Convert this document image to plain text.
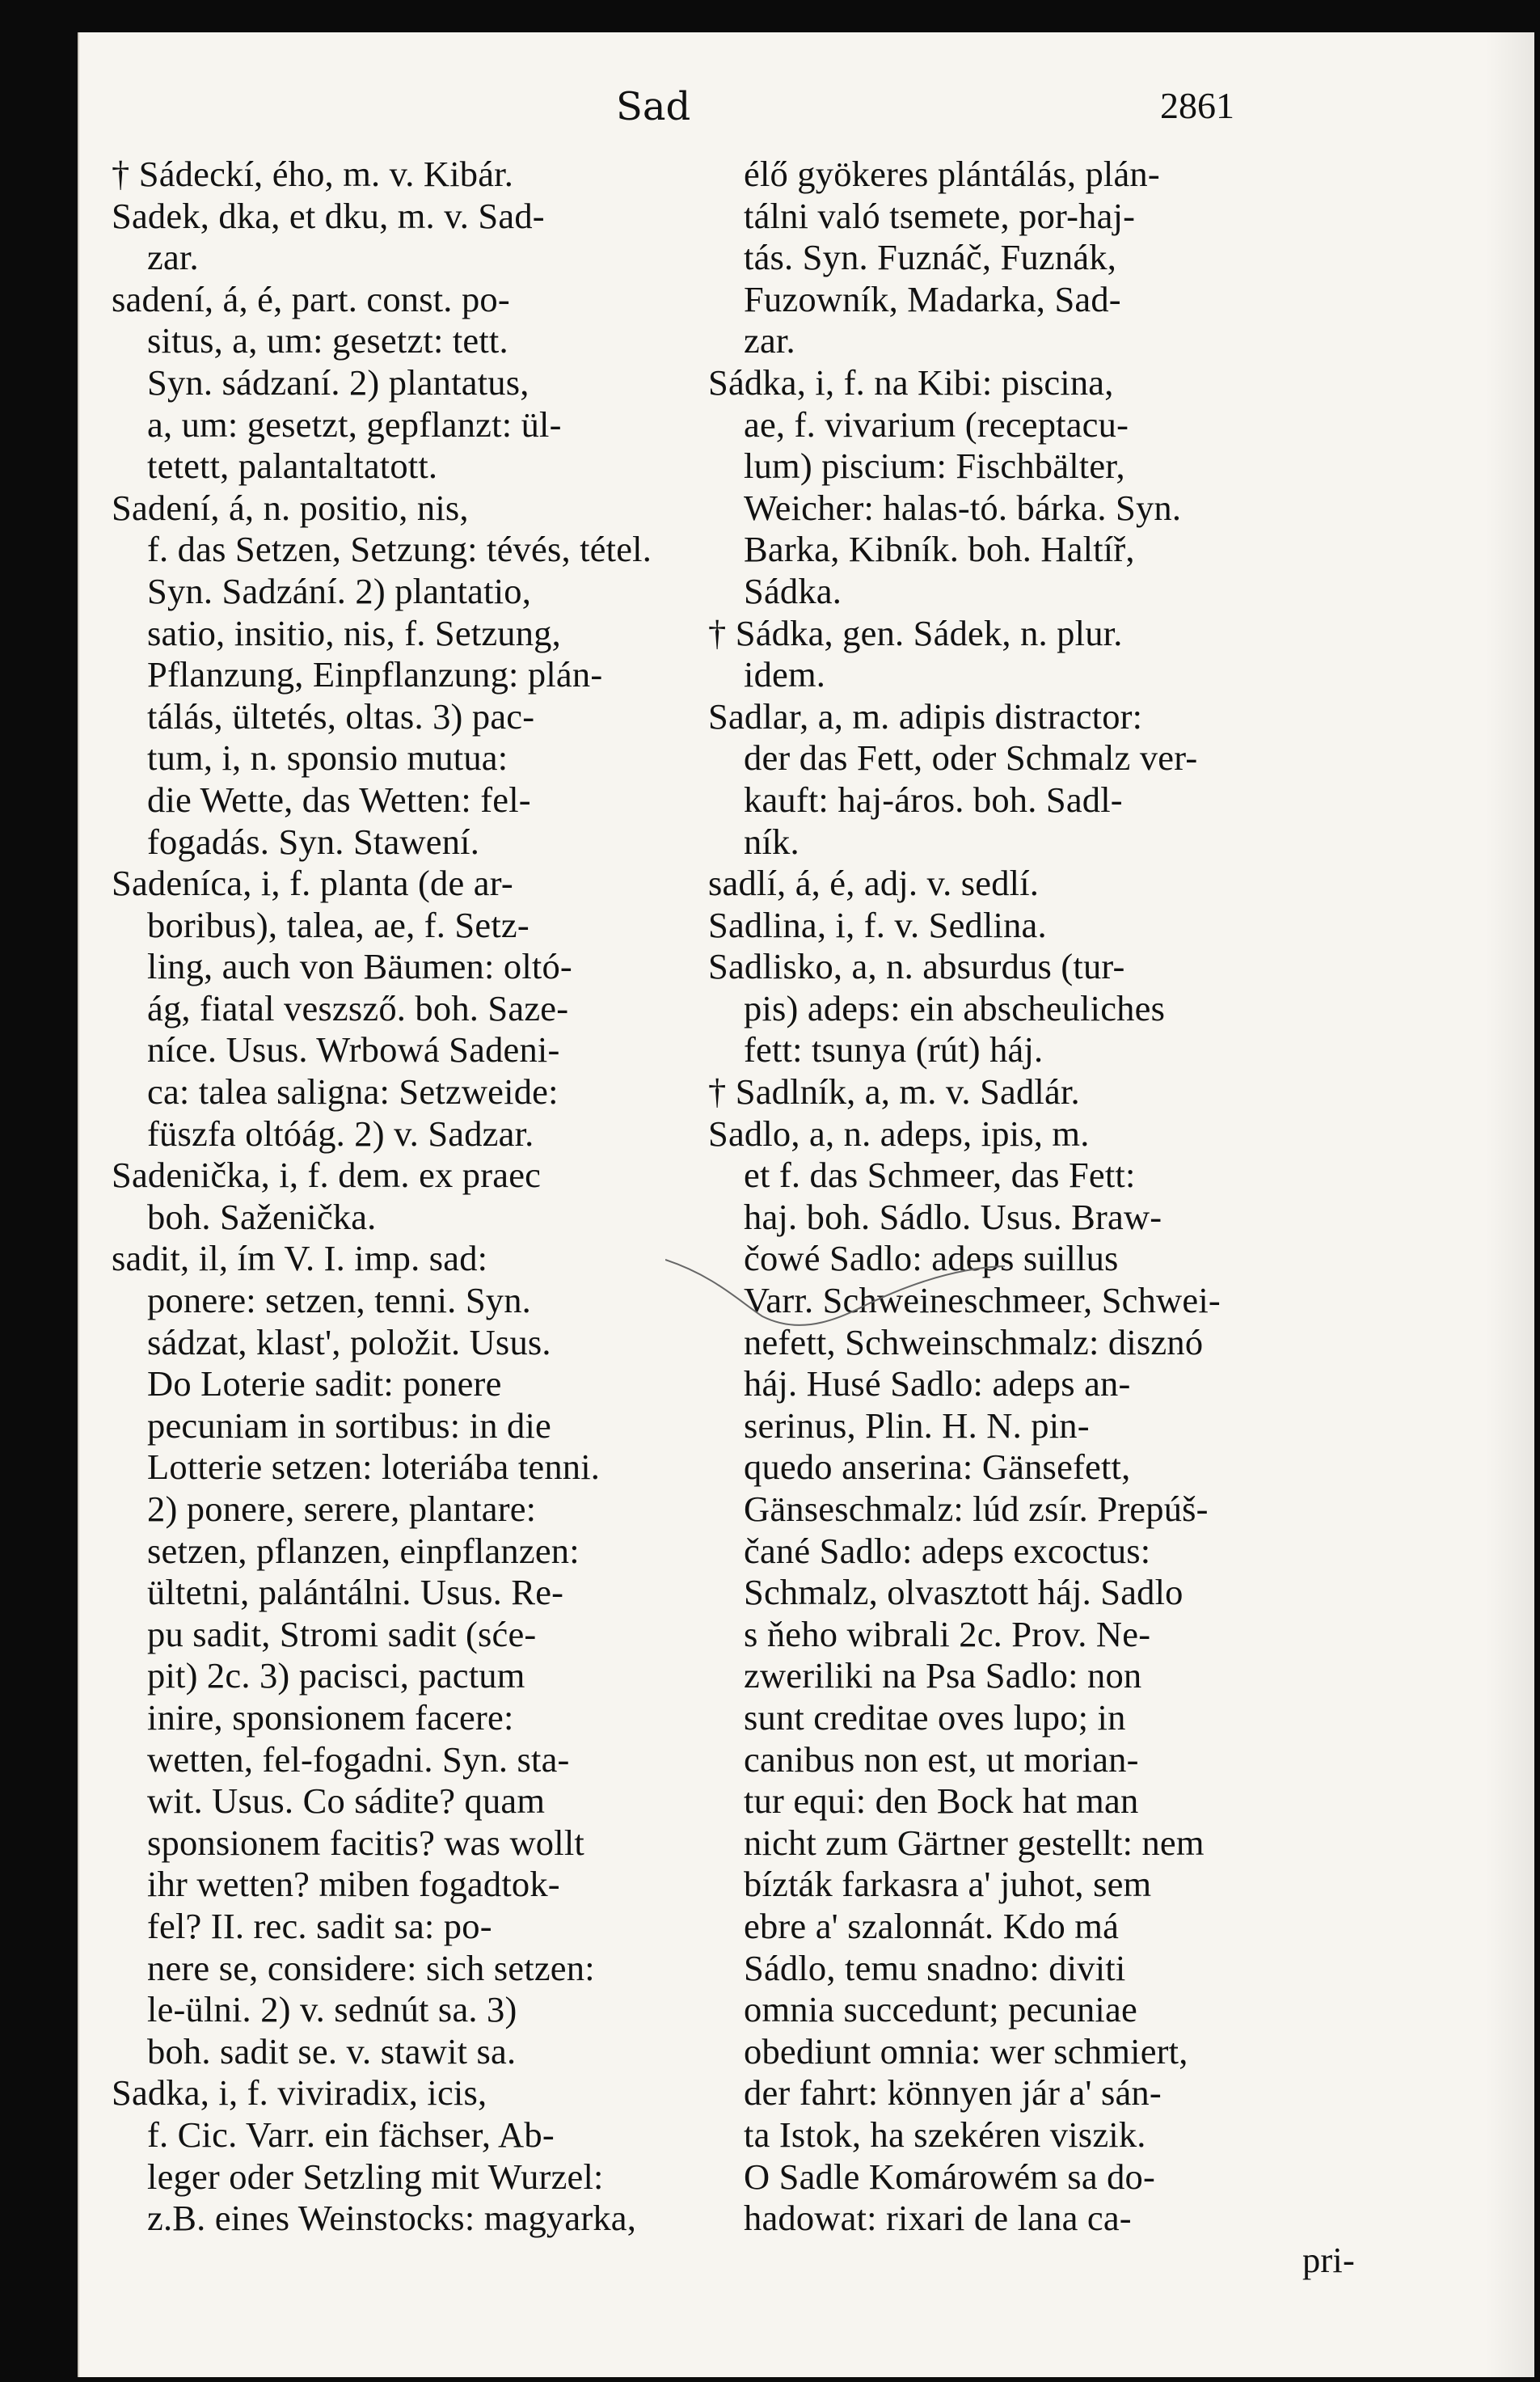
Sad	2861
† Sádeckí, ého, m. v. Kibár.
Sadek, dka, et dku, m. v. Sad-
zar.
sadení, á, é, part. const. po-
situs, a, um: gesetzt: tett.
Syn. sádzaní. 2) plantatus,
a, um: gesetzt, gepflanzt: ül-
tetett, palantaltatott.
Sadení, á, n. positio, nis,
f. das Setzen, Setzung: tévés, tétel.
Syn. Sadzání. 2) plantatio,
satio, insitio, nis, f. Setzung,
Pflanzung, Einpflanzung: plán-
tálás, ültetés, oltas. 3) pac-
tum, i, n. sponsio mutua:
die Wette, das Wetten: fel-
fogadás. Syn. Stawení.
Sadeníca, i, f. planta (de ar-
boribus), talea, ae, f. Setz-
ling, auch von Bäumen: oltó-
ág, fiatal veszsző. boh. Saze-
níce. Usus. Wrbowá Sadeni-
ca: talea saligna: Setzweide:
füszfa oltóág. 2) v. Sadzar.
Sadenička, i, f. dem. ex praec
boh. Saženička.
sadit, il, ím V. I. imp. sad:
ponere: setzen, tenni. Syn.
sádzat, klast', položit. Usus.
Do Loterie sadit: ponere
pecuniam in sortibus: in die
Lotterie setzen: loteriába tenni.
2) ponere, serere, plantare:
setzen, pflanzen, einpflanzen:
ültetni, palántálni. Usus. Re-
pu sadit, Stromi sadit (sće-
pit) 2c. 3) pacisci, pactum
inire, sponsionem facere:
wetten, fel-fogadni. Syn. sta-
wit. Usus. Co sádite? quam
sponsionem facitis? was wollt
ihr wetten? miben fogadtok-
fel? II. rec. sadit sa: po-
nere se, considere: sich setzen:
le-ülni. 2) v. sednút sa. 3)
boh. sadit se. v. stawit sa.
Sadka, i, f. viviradix, icis,
f. Cic. Varr. ein fächser, Ab-
leger oder Setzling mit Wurzel:
z.B. eines Weinstocks: magyarka,
élő gyökeres plántálás, plán-
tálni való tsemete, por-haj-
tás. Syn. Fuznáč, Fuznák,
Fuzowník, Madarka, Sad-
zar.
Sádka, i, f. na Kibi: piscina,
ae, f. vivarium (receptacu-
lum) piscium: Fischbälter,
Weicher: halas-tó. bárka. Syn.
Barka, Kibník. boh. Haltíř,
Sádka.
† Sádka, gen. Sádek, n. plur.
idem.
Sadlar, a, m. adipis distractor:
der das Fett, oder Schmalz ver-
kauft: haj-áros. boh. Sadl-
ník.
sadlí, á, é, adj. v. sedlí.
Sadlina, i, f. v. Sedlina.
Sadlisko, a, n. absurdus (tur-
pis) adeps: ein abscheuliches
fett: tsunya (rút) háj.
† Sadlník, a, m. v. Sadlár.
Sadlo, a, n. adeps, ipis, m.
et f. das Schmeer, das Fett:
haj. boh. Sádlo. Usus. Braw-
čowé Sadlo: adeps suillus
Varr. Schweineschmeer, Schwei-
nefett, Schweinschmalz: disznó
háj. Husé Sadlo: adeps an-
serinus, Plin. H. N. pin-
quedo anserina: Gänsefett,
Gänseschmalz: lúd zsír. Prepúš-
čané Sadlo: adeps excoctus:
Schmalz, olvasztott háj. Sadlo
s ňeho wibrali 2c. Prov. Ne-
zweriliki na Psa Sadlo: non
sunt creditae oves lupo; in
canibus non est, ut morian-
tur equi: den Bock hat man
nicht zum Gärtner gestellt: nem
bízták farkasra a' juhot, sem
ebre a' szalonnát. Kdo má
Sádlo, temu snadno: diviti
omnia succedunt; pecuniae
obediunt omnia: wer schmiert,
der fahrt: könnyen jár a' sán-
ta Istok, ha szekéren viszik.
O Sadle Komárowém sa do-
hadowat: rixari de lana ca-
pri-
